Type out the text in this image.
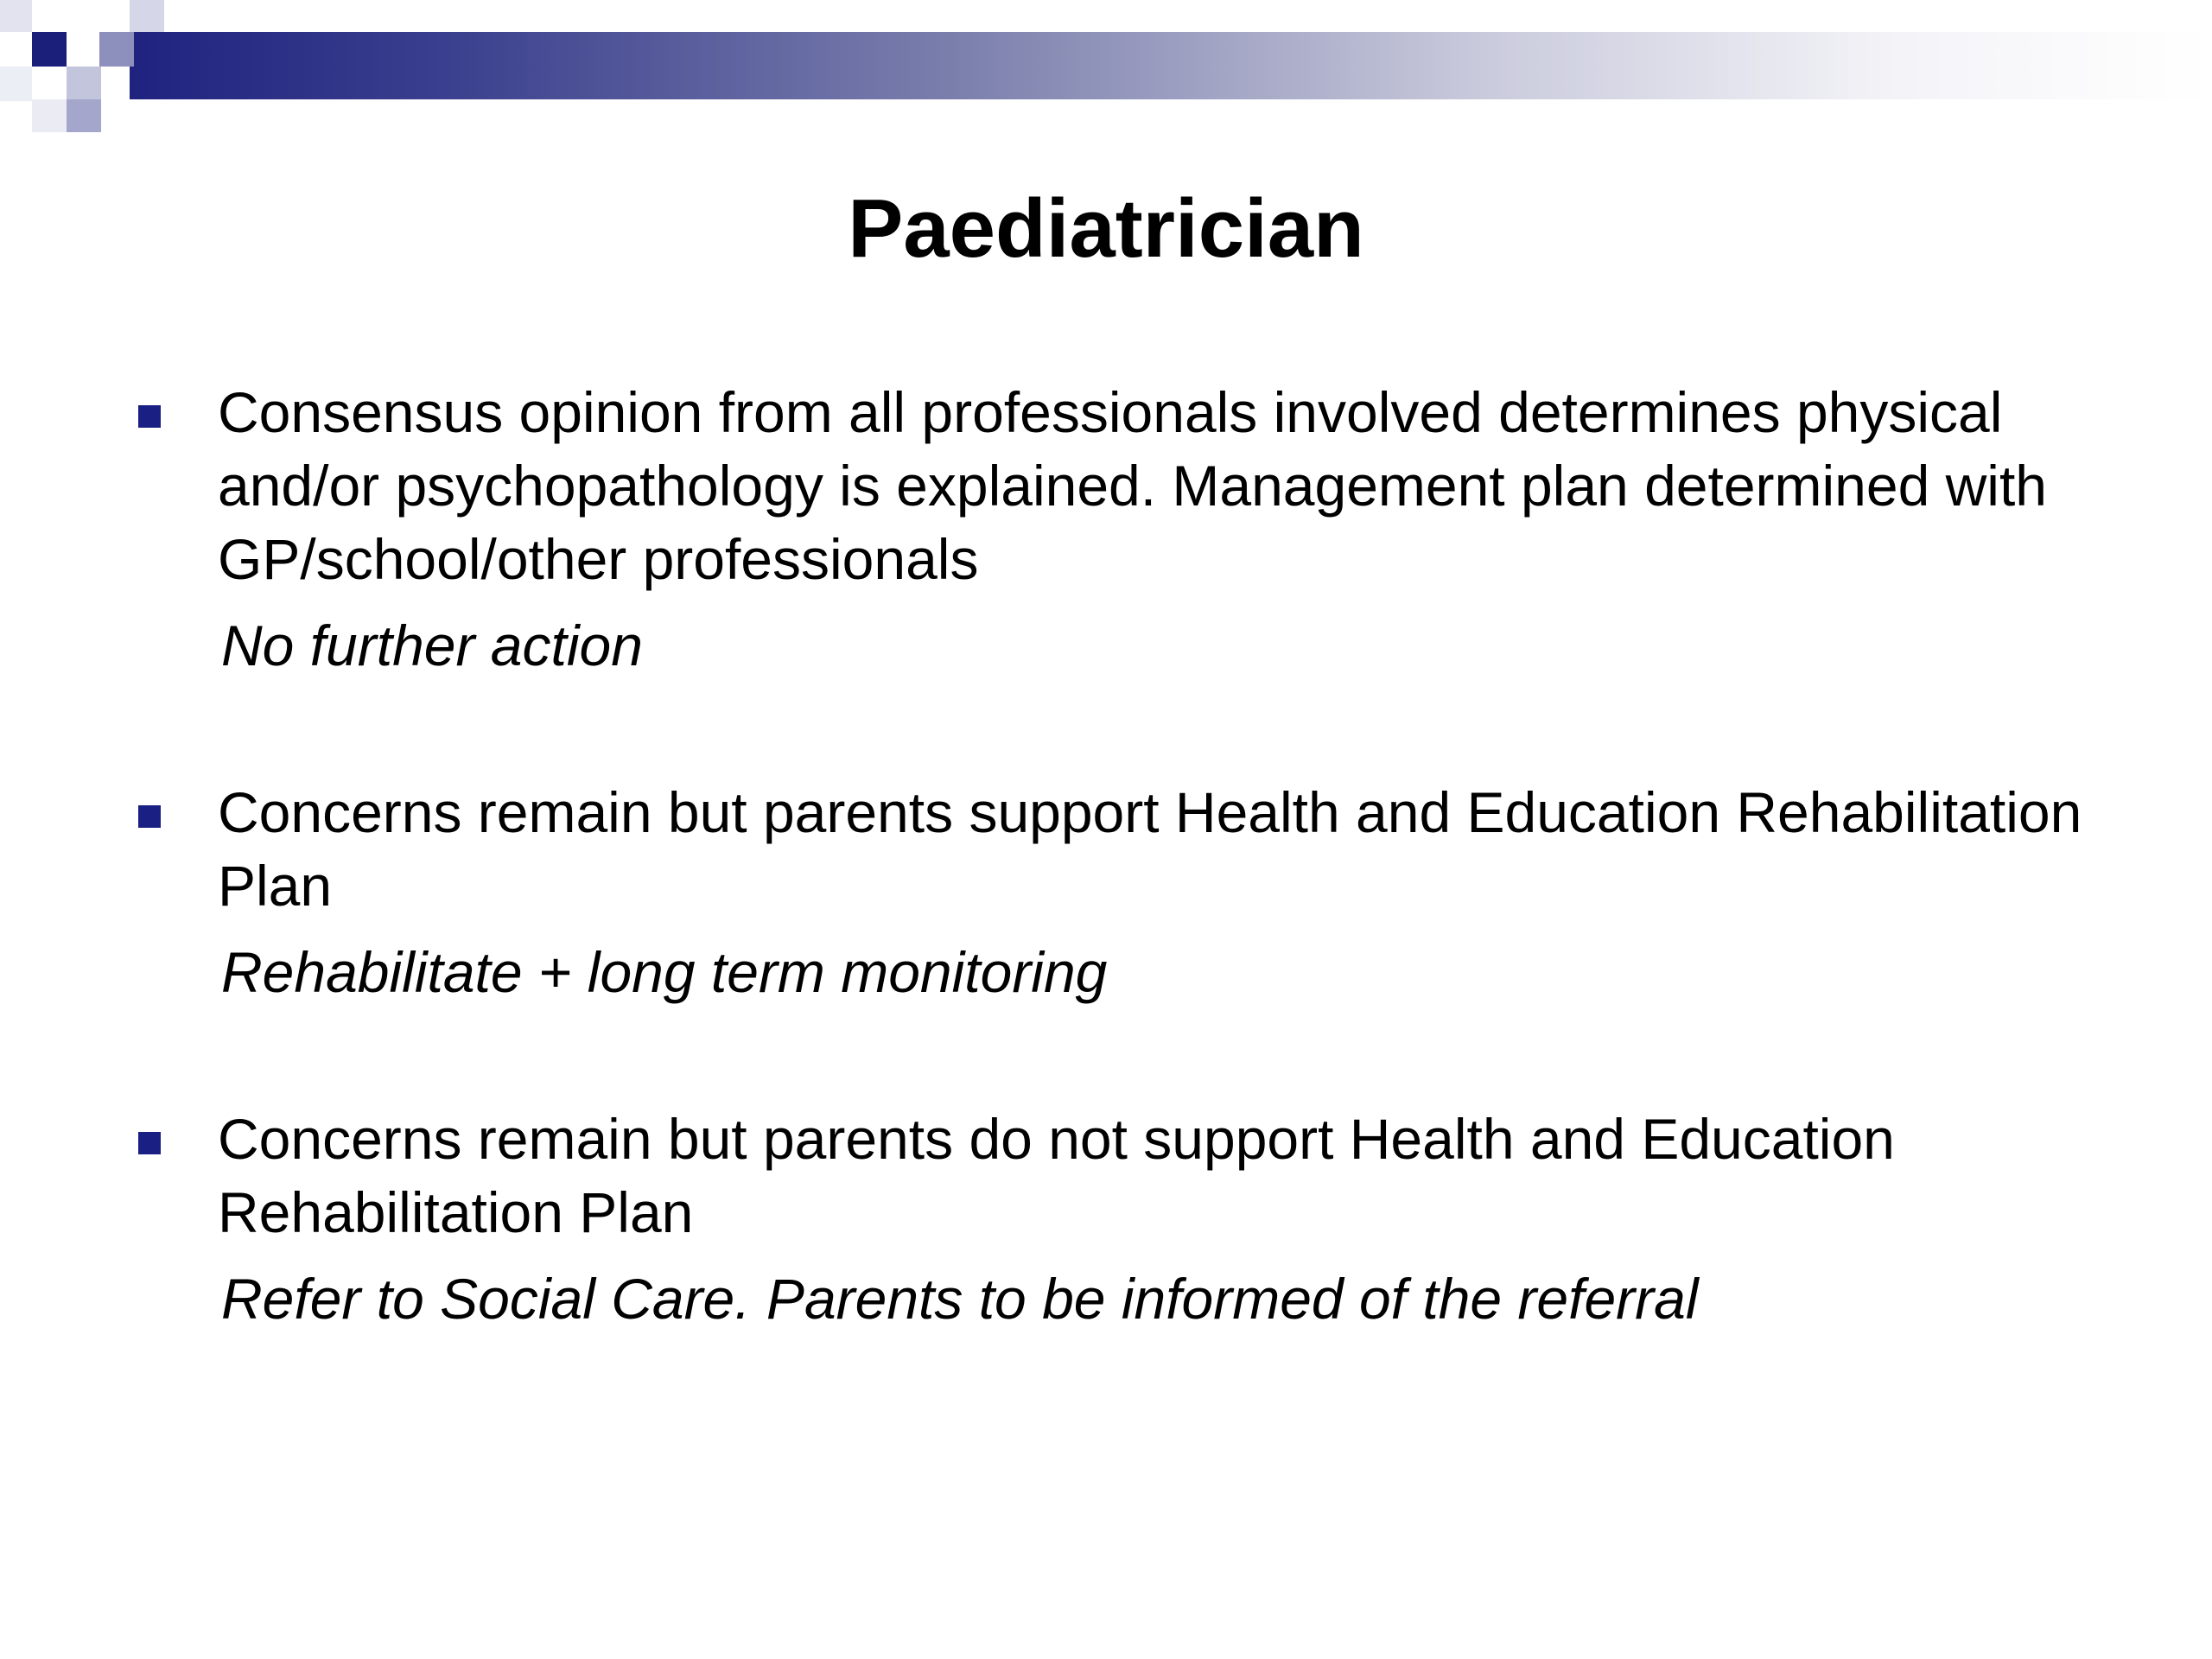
Paediatrician
Consensus opinion from all professionals involved determines physical and/or psychopathology is explained. Management plan determined with GP/school/other professionals
No further action
Concerns remain but parents support Health and Education Rehabilitation Plan
Rehabilitate + long term monitoring
Concerns remain but parents do not support Health and Education Rehabilitation Plan
Refer to Social Care. Parents to be informed of the referral
